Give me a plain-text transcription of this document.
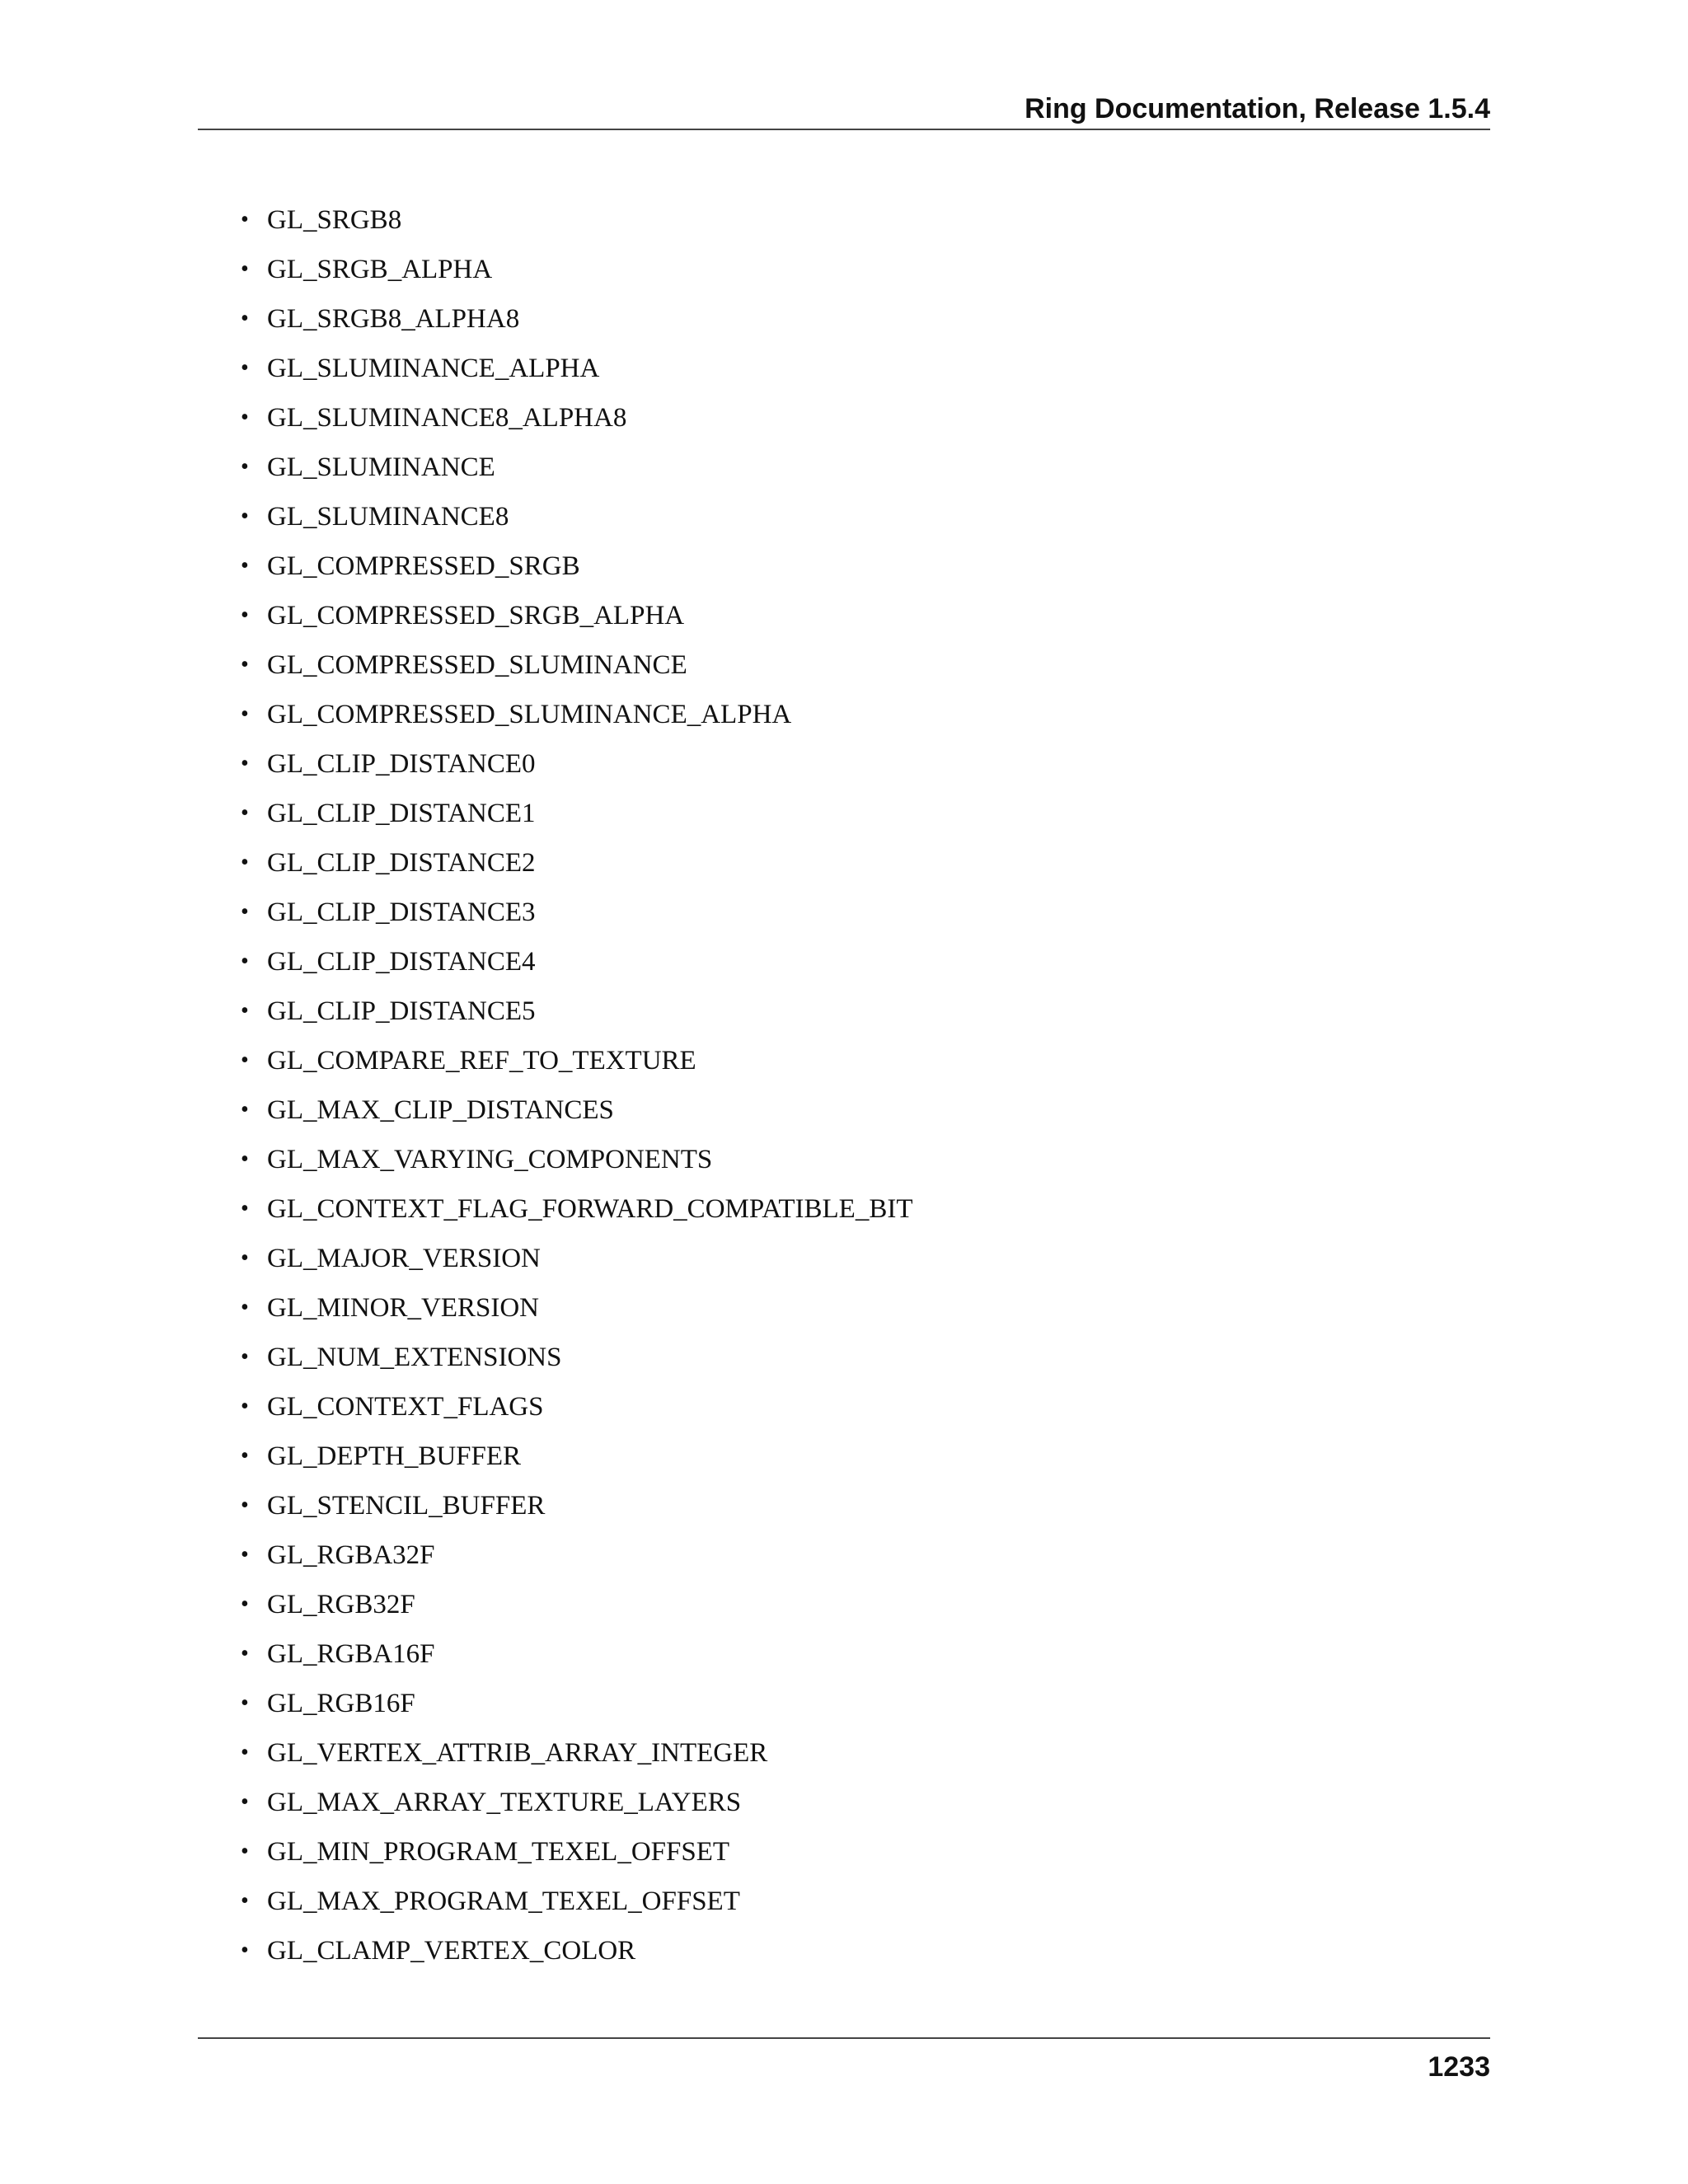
Ring Documentation, Release 1.5.4
• GL_SRGB8
• GL_SRGB_ALPHA
• GL_SRGB8_ALPHA8
• GL_SLUMINANCE_ALPHA
• GL_SLUMINANCE8_ALPHA8
• GL_SLUMINANCE
• GL_SLUMINANCE8
• GL_COMPRESSED_SRGB
• GL_COMPRESSED_SRGB_ALPHA
• GL_COMPRESSED_SLUMINANCE
• GL_COMPRESSED_SLUMINANCE_ALPHA
• GL_CLIP_DISTANCE0
• GL_CLIP_DISTANCE1
• GL_CLIP_DISTANCE2
• GL_CLIP_DISTANCE3
• GL_CLIP_DISTANCE4
• GL_CLIP_DISTANCE5
• GL_COMPARE_REF_TO_TEXTURE
• GL_MAX_CLIP_DISTANCES
• GL_MAX_VARYING_COMPONENTS
• GL_CONTEXT_FLAG_FORWARD_COMPATIBLE_BIT
• GL_MAJOR_VERSION
• GL_MINOR_VERSION
• GL_NUM_EXTENSIONS
• GL_CONTEXT_FLAGS
• GL_DEPTH_BUFFER
• GL_STENCIL_BUFFER
• GL_RGBA32F
• GL_RGB32F
• GL_RGBA16F
• GL_RGB16F
• GL_VERTEX_ATTRIB_ARRAY_INTEGER
• GL_MAX_ARRAY_TEXTURE_LAYERS
• GL_MIN_PROGRAM_TEXEL_OFFSET
• GL_MAX_PROGRAM_TEXEL_OFFSET
• GL_CLAMP_VERTEX_COLOR
1233
